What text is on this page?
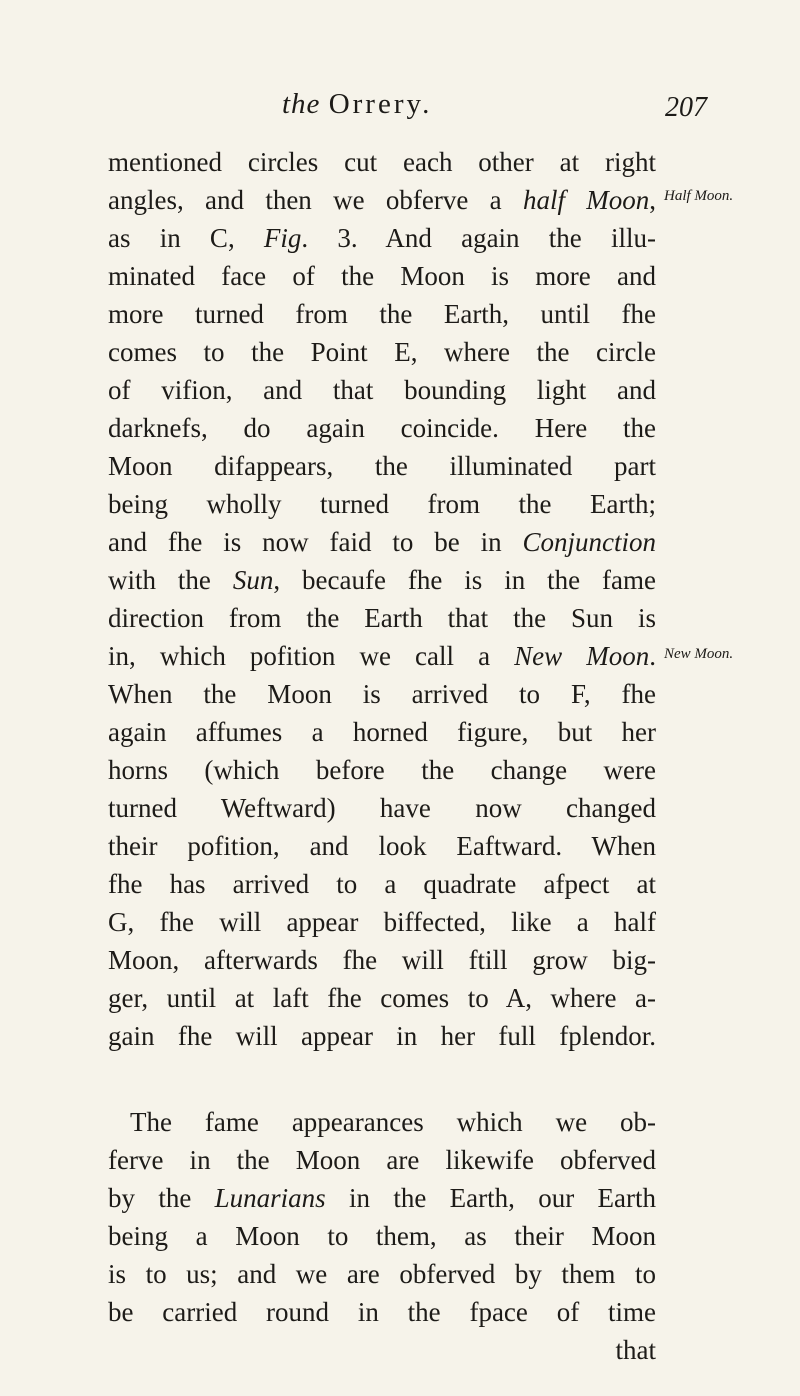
the Orrery.	207
mentioned circles cut each other at right
angles, and then we obferve a half Moon,
as in C, Fig. 3. And again the illu-
minated face of the Moon is more and
more turned from the Earth, until fhe
comes to the Point E, where the circle
of vifion, and that bounding light and
darknefs, do again coincide. Here the
Moon difappears, the illuminated part
being wholly turned from the Earth;
and fhe is now faid to be in Conjunction
with the Sun, becaufe fhe is in the fame
direction from the Earth that the Sun is
in, which pofition we call a New Moon.
When the Moon is arrived to F, fhe
again affumes a horned figure, but her
horns (which before the change were
turned Weftward) have now changed
their pofition, and look Eaftward. When
fhe has arrived to a quadrate afpect at
G, fhe will appear biffected, like a half
Moon, afterwards fhe will ftill grow big-
ger, until at laft fhe comes to A, where a-
gain fhe will appear in her full fplendor.
The fame appearances which we ob-
ferve in the Moon are likewife obferved
by the Lunarians in the Earth, our Earth
being a Moon to them, as their Moon
is to us; and we are obferved by them to
be carried round in the fpace of time
that
Half Moon.
New Moon.
